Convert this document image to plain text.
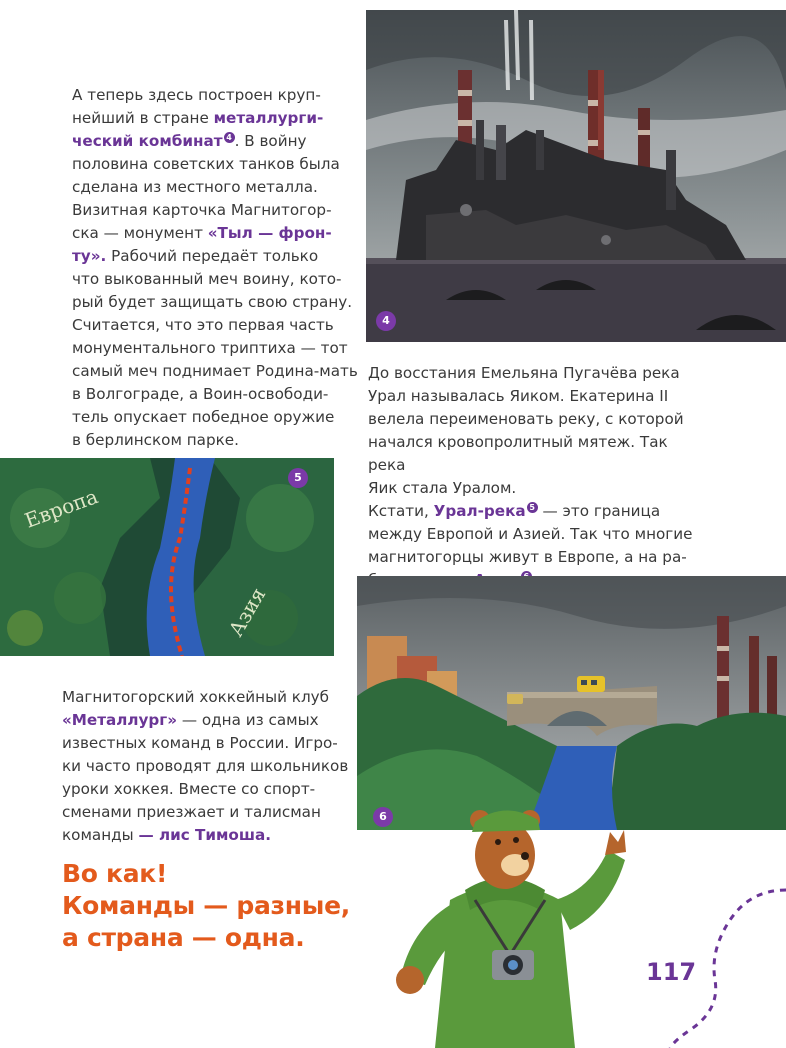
А теперь здесь построен круп-

нейший в стране металлурги-

ческий комбинат 4 . В войну

половина советских танков была

сделана из местного металла.

Визитная карточка Магнитогор-

ска — монумент «Тыл — фрон-

ту». Рабочий передаёт только

что выкованный меч воину, кото-

рый будет защищать свою страну.

Считается, что это первая часть

монументального триптиха — тот

самый меч поднимает Родина-мать

в Волгограде, а Воин-освободи-

тель опускает победное оружие

в берлинском парке.

4

До восстания Емельяна Пугачёва река

Урал называлась Яиком. Екатерина II

велела переименовать реку, с которой

начался кровопролитный мятеж. Так река

Яик стала Уралом.

Кстати, Урал-река 5 — это граница

между Европой и Азией. Так что многие

магнитогорцы живут в Европе, а на ра-

Европа
Азия
5
6

Магнитогорский хоккейный клуб

«Металлург» — одна из самых

известных команд в России. Игро-

ки часто проводят для школьников

уроки хоккея. Вместе со спорт-

сменами приезжает и талисман

команды — лис Тимоша.

Во как!
Команды — разные,
а страна — одна.
117
